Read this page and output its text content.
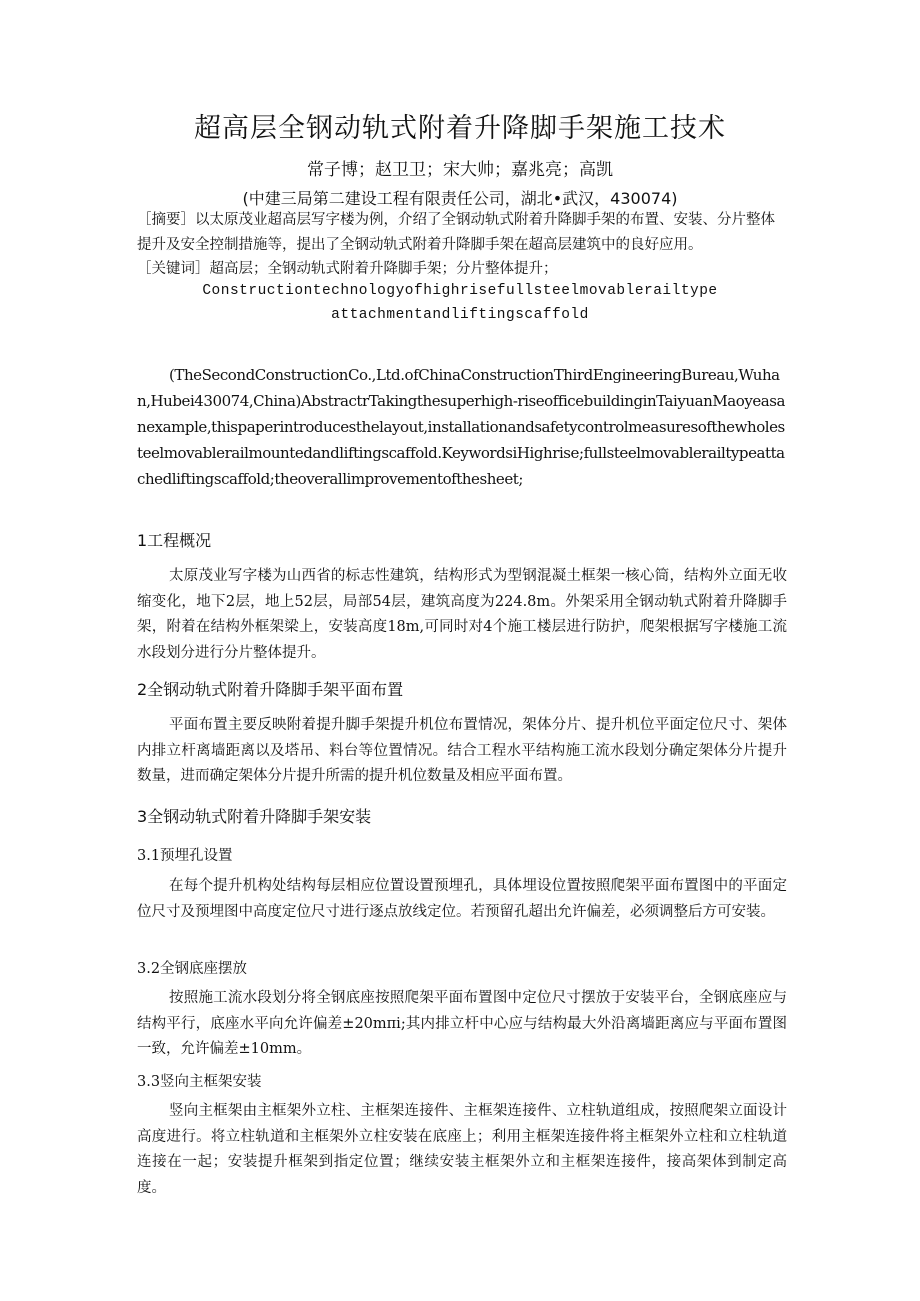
超高层全钢动轨式附着升降脚手架施工技术
常子博；赵卫卫；宋大帅；嘉兆亮；高凯
(中建三局第二建设工程有限责任公司，湖北•武汉，430074)
［摘要］以太原茂业超高层写字楼为例，介绍了全钢动轨式附着升降脚手架的布置、安装、分片整体提升及安全控制措施等，提出了全钢动轨式附着升降脚手架在超高层建筑中的良好应用。
［关键词］超高层；全钢动轨式附着升降脚手架；分片整体提升；
Constructiontechnologyofhighrisefullsteelmovablerailtype
attachmentandliftingscaffold
(TheSecondConstructionCo.,Ltd.ofChinaConstructionThirdEngineeringBureau,Wuhan,Hubei430074,China)AbstractrTakingthesuperhigh-riseofficebuildinginTaiyuanMaoyeasanexample,thispaperintroducesthelayout,installationandsafetycontrolmeasuresofthewholesteelmovablerailmountedandliftingscaffold.KeywordsiHighrise;fullsteelmovablerailtypeattachedliftingscaffold;theoverallimprovementofthesheet;
1工程概况
太原茂业写字楼为山西省的标志性建筑，结构形式为型钢混凝土框架一核心筒，结构外立面无收缩变化，地下2层，地上52层，局部54层，建筑高度为224.8m。外架采用全钢动轨式附着升降脚手架，附着在结构外框架梁上，安装高度18m,可同时对4个施工楼层进行防护，爬架根据写字楼施工流水段划分进行分片整体提升。
2全钢动轨式附着升降脚手架平面布置
平面布置主要反映附着提升脚手架提升机位布置情况，架体分片、提升机位平面定位尺寸、架体内排立杆离墙距离以及塔吊、料台等位置情况。结合工程水平结构施工流水段划分确定架体分片提升数量，进而确定架体分片提升所需的提升机位数量及相应平面布置。
3全钢动轨式附着升降脚手架安装
3.1预埋孔设置
在每个提升机构处结构每层相应位置设置预埋孔，具体埋设位置按照爬架平面布置图中的平面定位尺寸及预埋图中高度定位尺寸进行逐点放线定位。若预留孔超出允许偏差，必须调整后方可安装。
3.2全钢底座摆放
按照施工流水段划分将全钢底座按照爬架平面布置图中定位尺寸摆放于安装平台，全钢底座应与结构平行，底座水平向允许偏差±20mπi;其内排立杆中心应与结构最大外沿离墙距离应与平面布置图一致，允许偏差±10mm。
3.3竖向主框架安装
竖向主框架由主框架外立柱、主框架连接件、主框架连接件、立柱轨道组成，按照爬架立面设计高度进行。将立柱轨道和主框架外立柱安装在底座上；利用主框架连接件将主框架外立柱和立柱轨道连接在一起；安装提升框架到指定位置；继续安装主框架外立和主框架连接件，接高架体到制定高度。
